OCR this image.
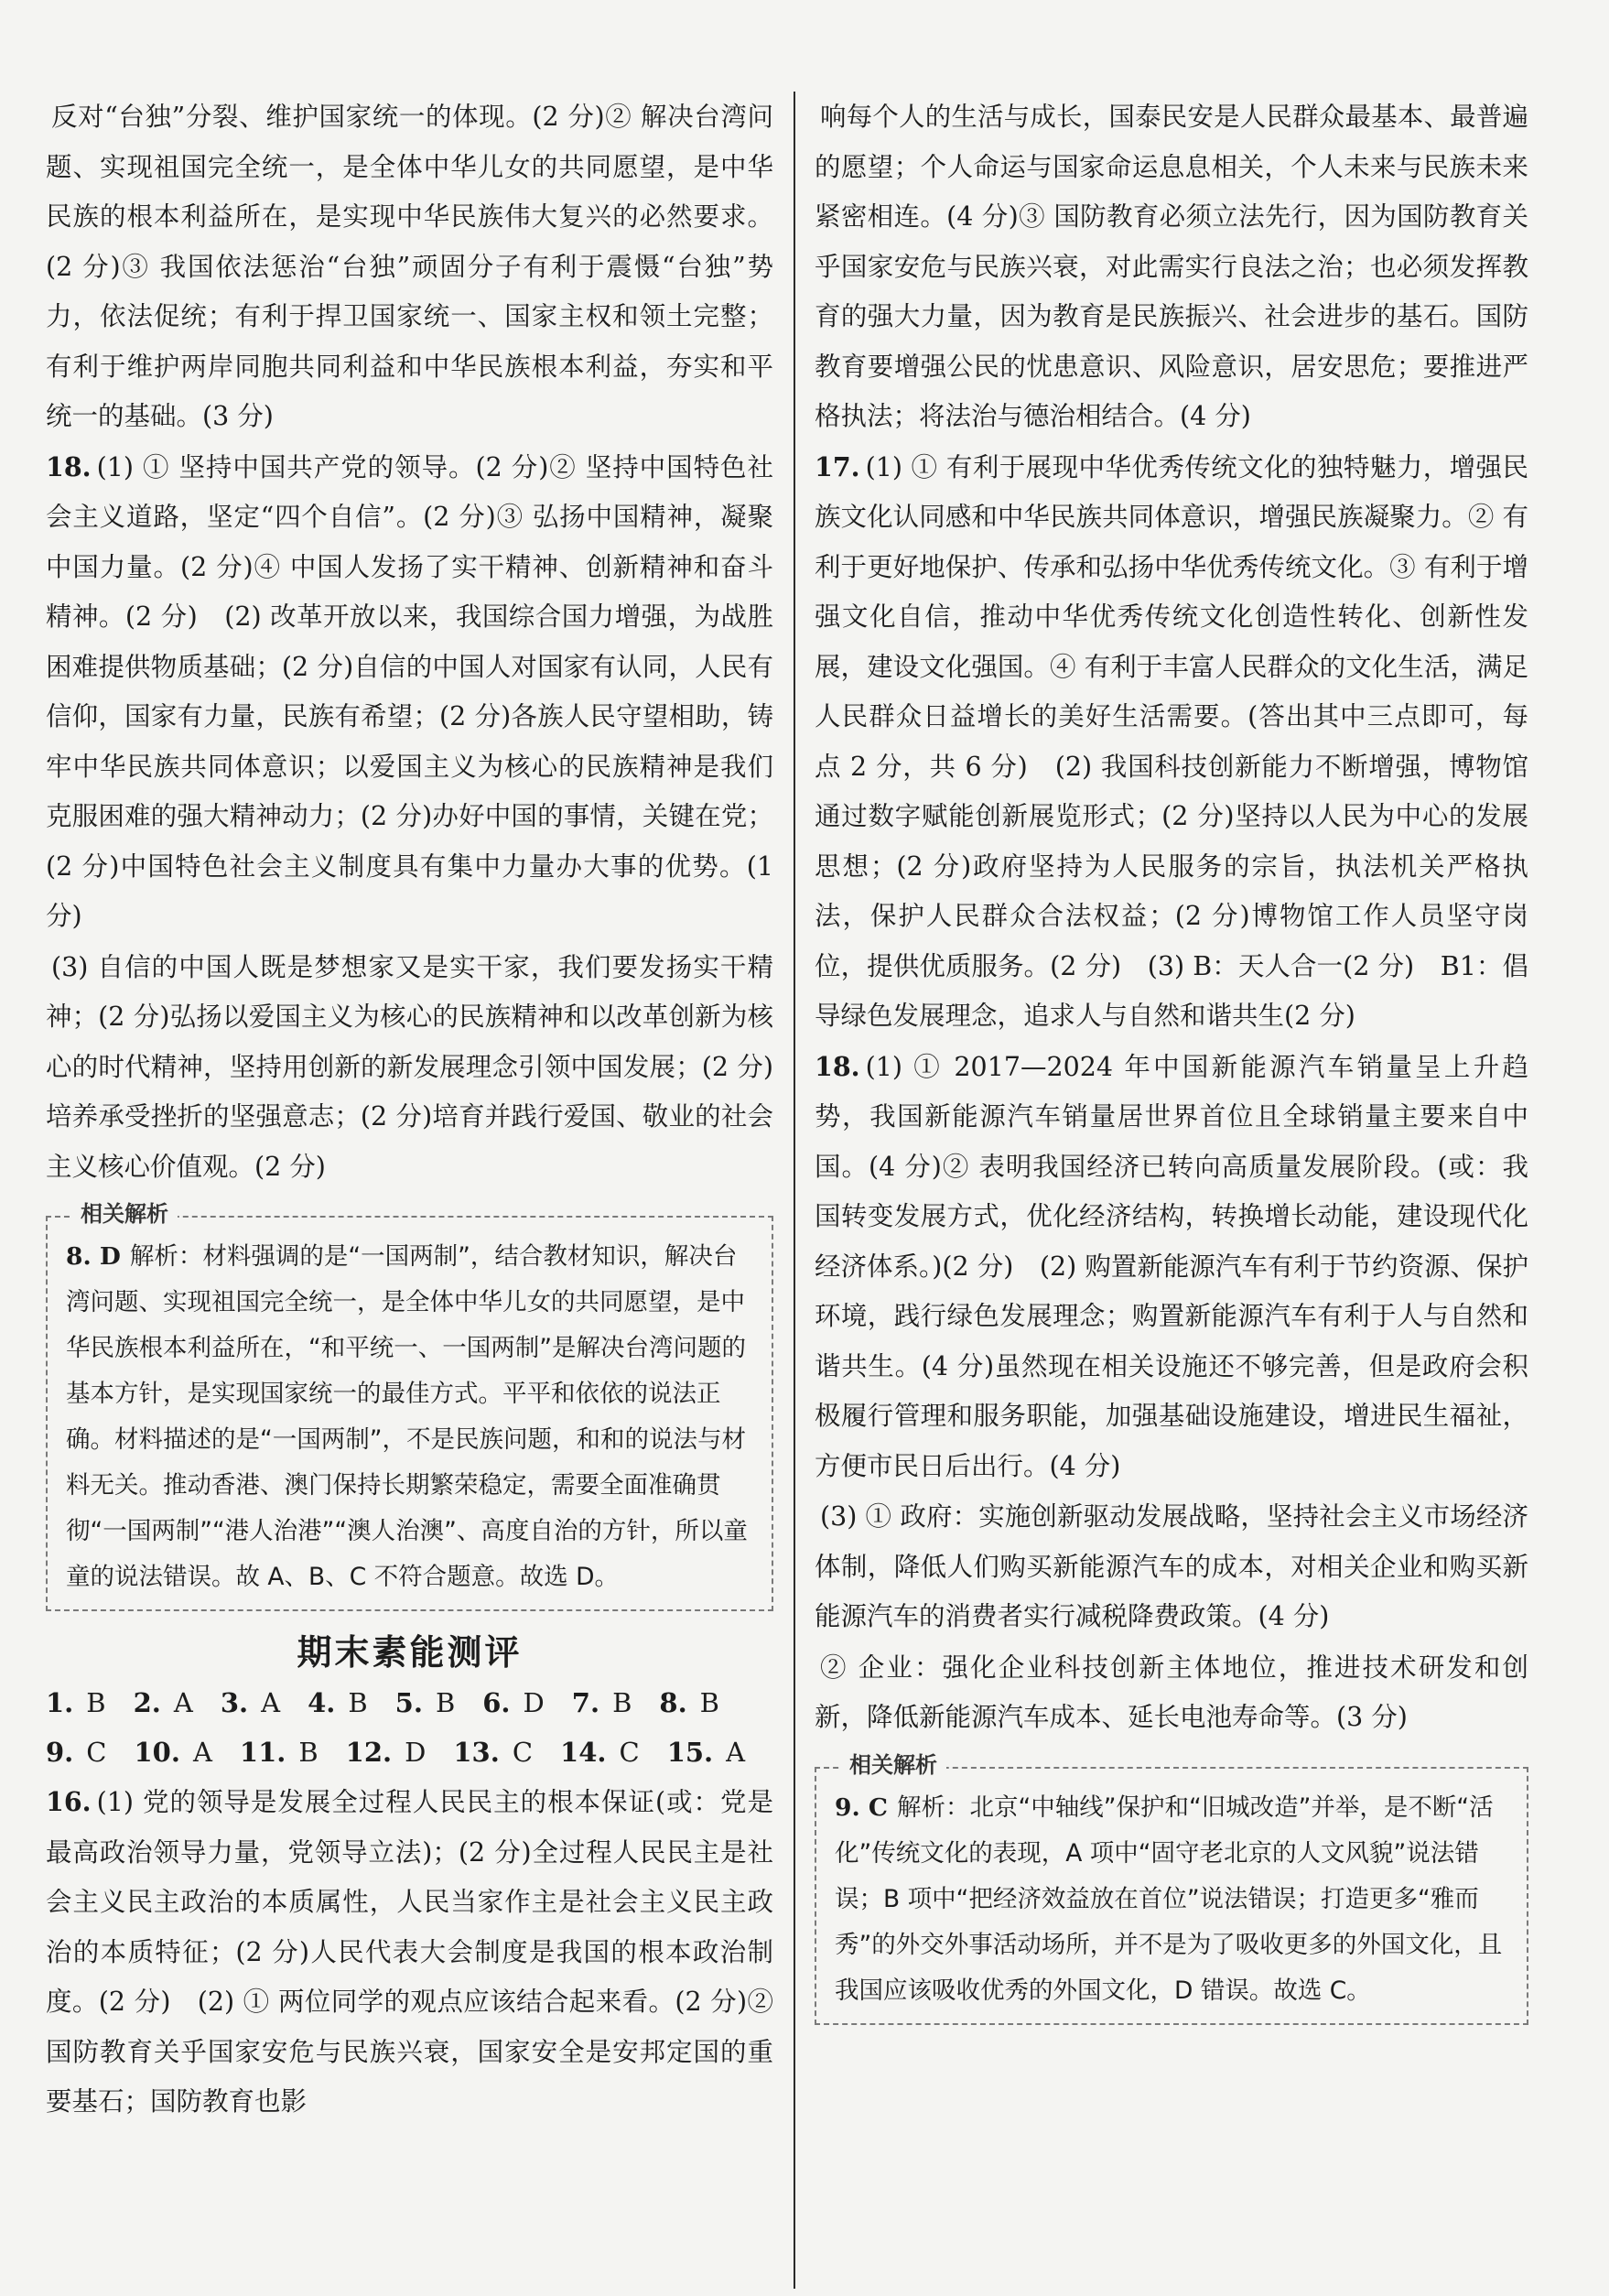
反对“台独”分裂、维护国家统一的体现。(2 分)② 解决台湾问题、实现祖国完全统一，是全体中华儿女的共同愿望，是中华民族的根本利益所在，是实现中华民族伟大复兴的必然要求。(2 分)③ 我国依法惩治“台独”顽固分子有利于震慑“台独”势力，依法促统；有利于捍卫国家统一、国家主权和领土完整；有利于维护两岸同胞共同利益和中华民族根本利益，夯实和平统一的基础。(3 分)

18. (1) ① 坚持中国共产党的领导。(2 分)② 坚持中国特色社会主义道路，坚定“四个自信”。(2 分)③ 弘扬中国精神，凝聚中国力量。(2 分)④ 中国人发扬了实干精神、创新精神和奋斗精神。(2 分)　(2) 改革开放以来，我国综合国力增强，为战胜困难提供物质基础；(2 分)自信的中国人对国家有认同，人民有信仰，国家有力量，民族有希望；(2 分)各族人民守望相助，铸牢中华民族共同体意识；以爱国主义为核心的民族精神是我们克服困难的强大精神动力；(2 分)办好中国的事情，关键在党；(2 分)中国特色社会主义制度具有集中力量办大事的优势。(1 分)

(3) 自信的中国人既是梦想家又是实干家，我们要发扬实干精神；(2 分)弘扬以爱国主义为核心的民族精神和以改革创新为核心的时代精神，坚持用创新的新发展理念引领中国发展；(2 分)培养承受挫折的坚强意志；(2 分)培育并践行爱国、敬业的社会主义核心价值观。(2 分)

相关解析

8. D 解析：材料强调的是“一国两制”，结合教材知识，解决台湾问题、实现祖国完全统一，是全体中华儿女的共同愿望，是中华民族根本利益所在，“和平统一、一国两制”是解决台湾问题的基本方针，是实现国家统一的最佳方式。平平和依依的说法正确。材料描述的是“一国两制”，不是民族问题，和和的说法与材料无关。推动香港、澳门保持长期繁荣稳定，需要全面准确贯彻“一国两制”“港人治港”“澳人治澳”、高度自治的方针，所以童童的说法错误。故 A、B、C 不符合题意。故选 D。

期末素能测评
1. B 2. A 3. A 4. B 5. B 6. D 7. B 8. B
9. C 10. A 11. B 12. D 13. C 14. C 15. A

16. (1) 党的领导是发展全过程人民民主的根本保证(或：党是最高政治领导力量，党领导立法)；(2 分)全过程人民民主是社会主义民主政治的本质属性，人民当家作主是社会主义民主政治的本质特征；(2 分)人民代表大会制度是我国的根本政治制度。(2 分)　(2) ① 两位同学的观点应该结合起来看。(2 分)② 国防教育关乎国家安危与民族兴衰，国家安全是安邦定国的重要基石；国防教育也影

响每个人的生活与成长，国泰民安是人民群众最基本、最普遍的愿望；个人命运与国家命运息息相关，个人未来与民族未来紧密相连。(4 分)③ 国防教育必须立法先行，因为国防教育关乎国家安危与民族兴衰，对此需实行良法之治；也必须发挥教育的强大力量，因为教育是民族振兴、社会进步的基石。国防教育要增强公民的忧患意识、风险意识，居安思危；要推进严格执法；将法治与德治相结合。(4 分)

17. (1) ① 有利于展现中华优秀传统文化的独特魅力，增强民族文化认同感和中华民族共同体意识，增强民族凝聚力。② 有利于更好地保护、传承和弘扬中华优秀传统文化。③ 有利于增强文化自信，推动中华优秀传统文化创造性转化、创新性发展，建设文化强国。④ 有利于丰富人民群众的文化生活，满足人民群众日益增长的美好生活需要。(答出其中三点即可，每点 2 分，共 6 分)　(2) 我国科技创新能力不断增强，博物馆通过数字赋能创新展览形式；(2 分)坚持以人民为中心的发展思想；(2 分)政府坚持为人民服务的宗旨，执法机关严格执法，保护人民群众合法权益；(2 分)博物馆工作人员坚守岗位，提供优质服务。(2 分)　(3) B：天人合一(2 分)　B1：倡导绿色发展理念，追求人与自然和谐共生(2 分)

18. (1) ① 2017—2024 年中国新能源汽车销量呈上升趋势，我国新能源汽车销量居世界首位且全球销量主要来自中国。(4 分)② 表明我国经济已转向高质量发展阶段。(或：我国转变发展方式，优化经济结构，转换增长动能，建设现代化经济体系。)(2 分)　(2) 购置新能源汽车有利于节约资源、保护环境，践行绿色发展理念；购置新能源汽车有利于人与自然和谐共生。(4 分)虽然现在相关设施还不够完善，但是政府会积极履行管理和服务职能，加强基础设施建设，增进民生福祉，方便市民日后出行。(4 分)

(3) ① 政府：实施创新驱动发展战略，坚持社会主义市场经济体制，降低人们购买新能源汽车的成本，对相关企业和购买新能源汽车的消费者实行减税降费政策。(4 分)

② 企业：强化企业科技创新主体地位，推进技术研发和创新，降低新能源汽车成本、延长电池寿命等。(3 分)

相关解析

9. C 解析：北京“中轴线”保护和“旧城改造”并举，是不断“活化”传统文化的表现，A 项中“固守老北京的人文风貌”说法错误；B 项中“把经济效益放在首位”说法错误；打造更多“雅而秀”的外交外事活动场所，并不是为了吸收更多的外国文化，且我国应该吸收优秀的外国文化，D 错误。故选 C。
